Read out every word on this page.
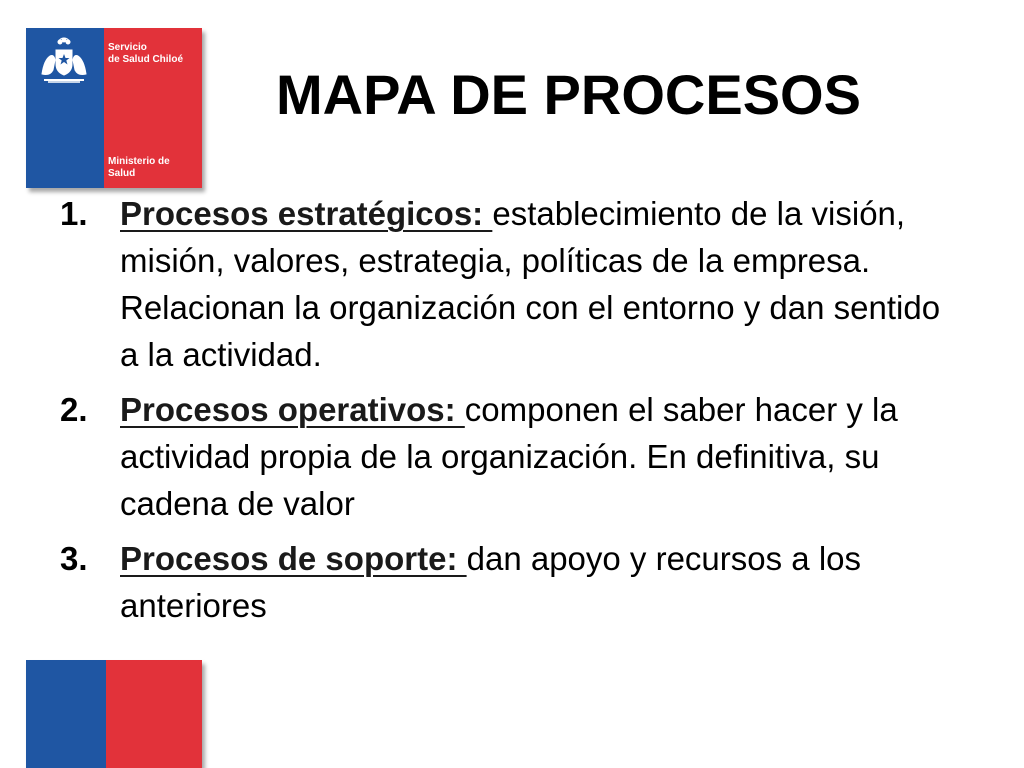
Servicio
de Salud Chiloé
Ministerio de
Salud
MAPA DE PROCESOS
1. Procesos estratégicos: establecimiento de la visión, misión, valores, estrategia, políticas de la empresa. Relacionan la organización con el entorno y dan sentido a la actividad.
2. Procesos operativos: componen el saber hacer y la actividad propia de la organización. En definitiva, su cadena de valor
3. Procesos de soporte: dan apoyo y recursos a los anteriores
